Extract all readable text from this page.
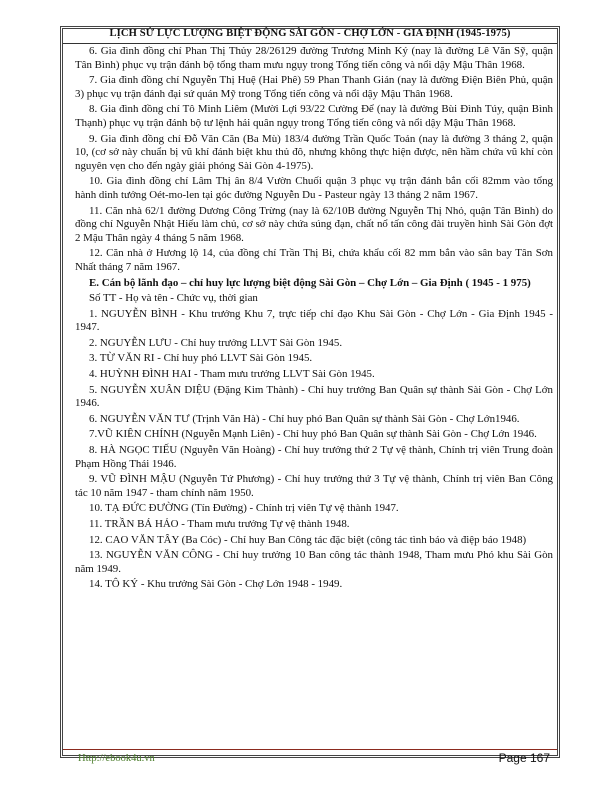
LỊCH SỬ LỰC LƯỢNG BIỆT ĐỘNG SÀI GÒN - CHỢ LỚN - GIA ĐỊNH (1945-1975)

6. Gia đình đồng chí Phan Thị Thủy 28/26129 đường Trương Minh Ký (nay là đường Lê Văn Sỹ, quận Tân Bình) phục vụ trận đánh bộ tổng tham mưu ngụy trong Tổng tiến công và nổi dậy Mậu Thân 1968.

7. Gia đình đồng chí Nguyễn Thị Huệ (Hai Phê) 59 Phan Thanh Giản (nay là đường Điện Biên Phủ, quận 3) phục vụ trận đánh đại sứ quán Mỹ trong Tổng tiến công và nổi dậy Mậu Thân 1968.

8. Gia đình đồng chí Tô Minh Liêm (Mười Lợi 93/22 Cường Để (nay là đường Bùi Đình Túy, quận Bình Thạnh) phục vụ trận đánh bộ tư lệnh hải quân ngụy trong Tổng tiến công và nổi dậy Mậu Thân 1968.

9. Gia đình đồng chí Đỗ Văn Căn (Ba Mù) 183/4 đường Trần Quốc Toản (nay là đường 3 tháng 2, quận 10, (cơ sở này chuẩn bị vũ khí đánh biệt khu thủ đô, nhưng không thực hiện được, nên hầm chứa vũ khí còn nguyên vẹn cho đến ngày giải phóng Sài Gòn 4-1975).

10. Gia đình đồng chí Lâm Thị ân 8/4 Vườn Chuối quận 3 phục vụ trận đánh bắn cối 82mm vào tổng hành dinh tướng Oét-mo-len tại góc đường Nguyễn Du - Pasteur ngày 13 tháng 2 năm 1967.

11. Căn nhà 62/1 đường Dương Công Trừng (nay là 62/10B đường Nguyễn Thị Nhỏ, quận Tân Bình) do đồng chí Nguyễn Nhật Hiếu làm chủ, cơ sở này chứa súng đạn, chất nổ tấn công đài truyền hình Sài Gòn đợt 2 Mậu Thân ngày 4 tháng 5 năm 1968.

12. Căn nhà ở Hương lộ 14, của đồng chí Trần Thị Bi, chứa khẩu cối 82 mm bắn vào sân bay Tân Sơn Nhất tháng 7 năm 1967.

E. Cán bộ lãnh đạo – chỉ huy lực lượng biệt động Sài Gòn – Chợ Lớn – Gia Định ( 1945 - 1 975)

Số TT - Họ và tên - Chức vụ, thời gian

1. NGUYỄN BÌNH - Khu trưởng Khu 7, trực tiếp chỉ đạo Khu Sài Gòn - Chợ Lớn - Gia Định 1945 - 1947.

2. NGUYỄN LƯU - Chỉ huy trưởng LLVT Sài Gòn 1945.

3. TỪ VĂN RI - Chỉ huy phó LLVT Sài Gòn 1945.

4. HUỲNH ĐÌNH HAI - Tham mưu trưởng LLVT Sài Gòn 1945.

5. NGUYỄN XUÂN DIỆU (Đặng Kim Thành) - Chỉ huy trưởng Ban Quân sự thành Sài Gòn - Chợ Lớn 1946.

6. NGUYỄN VĂN TƯ (Trịnh Văn Hà) - Chỉ huy phó Ban Quân sự thành Sài Gòn - Chợ Lớn1946.

7.VŨ KIÊN CHÍNH (Nguyễn Mạnh Liên) - Chỉ huy phó Ban Quân sự thành Sài Gòn - Chợ Lớn 1946.

8. HÀ NGỌC TIẾU (Nguyễn Văn Hoàng) - Chỉ huy trưởng thứ 2 Tự vệ thành, Chính trị viên Trung đoàn Phạm Hồng Thái 1946.

9. VŨ ĐÌNH MẬU (Nguyễn Tứ Phương) - Chỉ huy trưởng thứ 3 Tự vệ thành, Chính trị viên Ban Công tác 10 năm 1947 - tham chính năm 1950.

10. TẠ ĐỨC ĐƯỜNG (Tín Đường) - Chính trị viên Tự vệ thành 1947.

11. TRẦN BÁ HẢO - Tham mưu trưởng Tự vệ thành 1948.

12. CAO VĂN TÂY (Ba Cóc) - Chỉ huy Ban Công tác đặc biệt (công tác tình báo và điệp báo 1948)

13. NGUYỄN VĂN CÔNG - Chỉ huy trưởng 10 Ban công tác thành 1948, Tham mưu Phó khu Sài Gòn năm 1949.

14. TÔ KÝ - Khu trưởng Sài Gòn - Chợ Lớn 1948 - 1949.

Http://ebook4u.vn	Page 167
